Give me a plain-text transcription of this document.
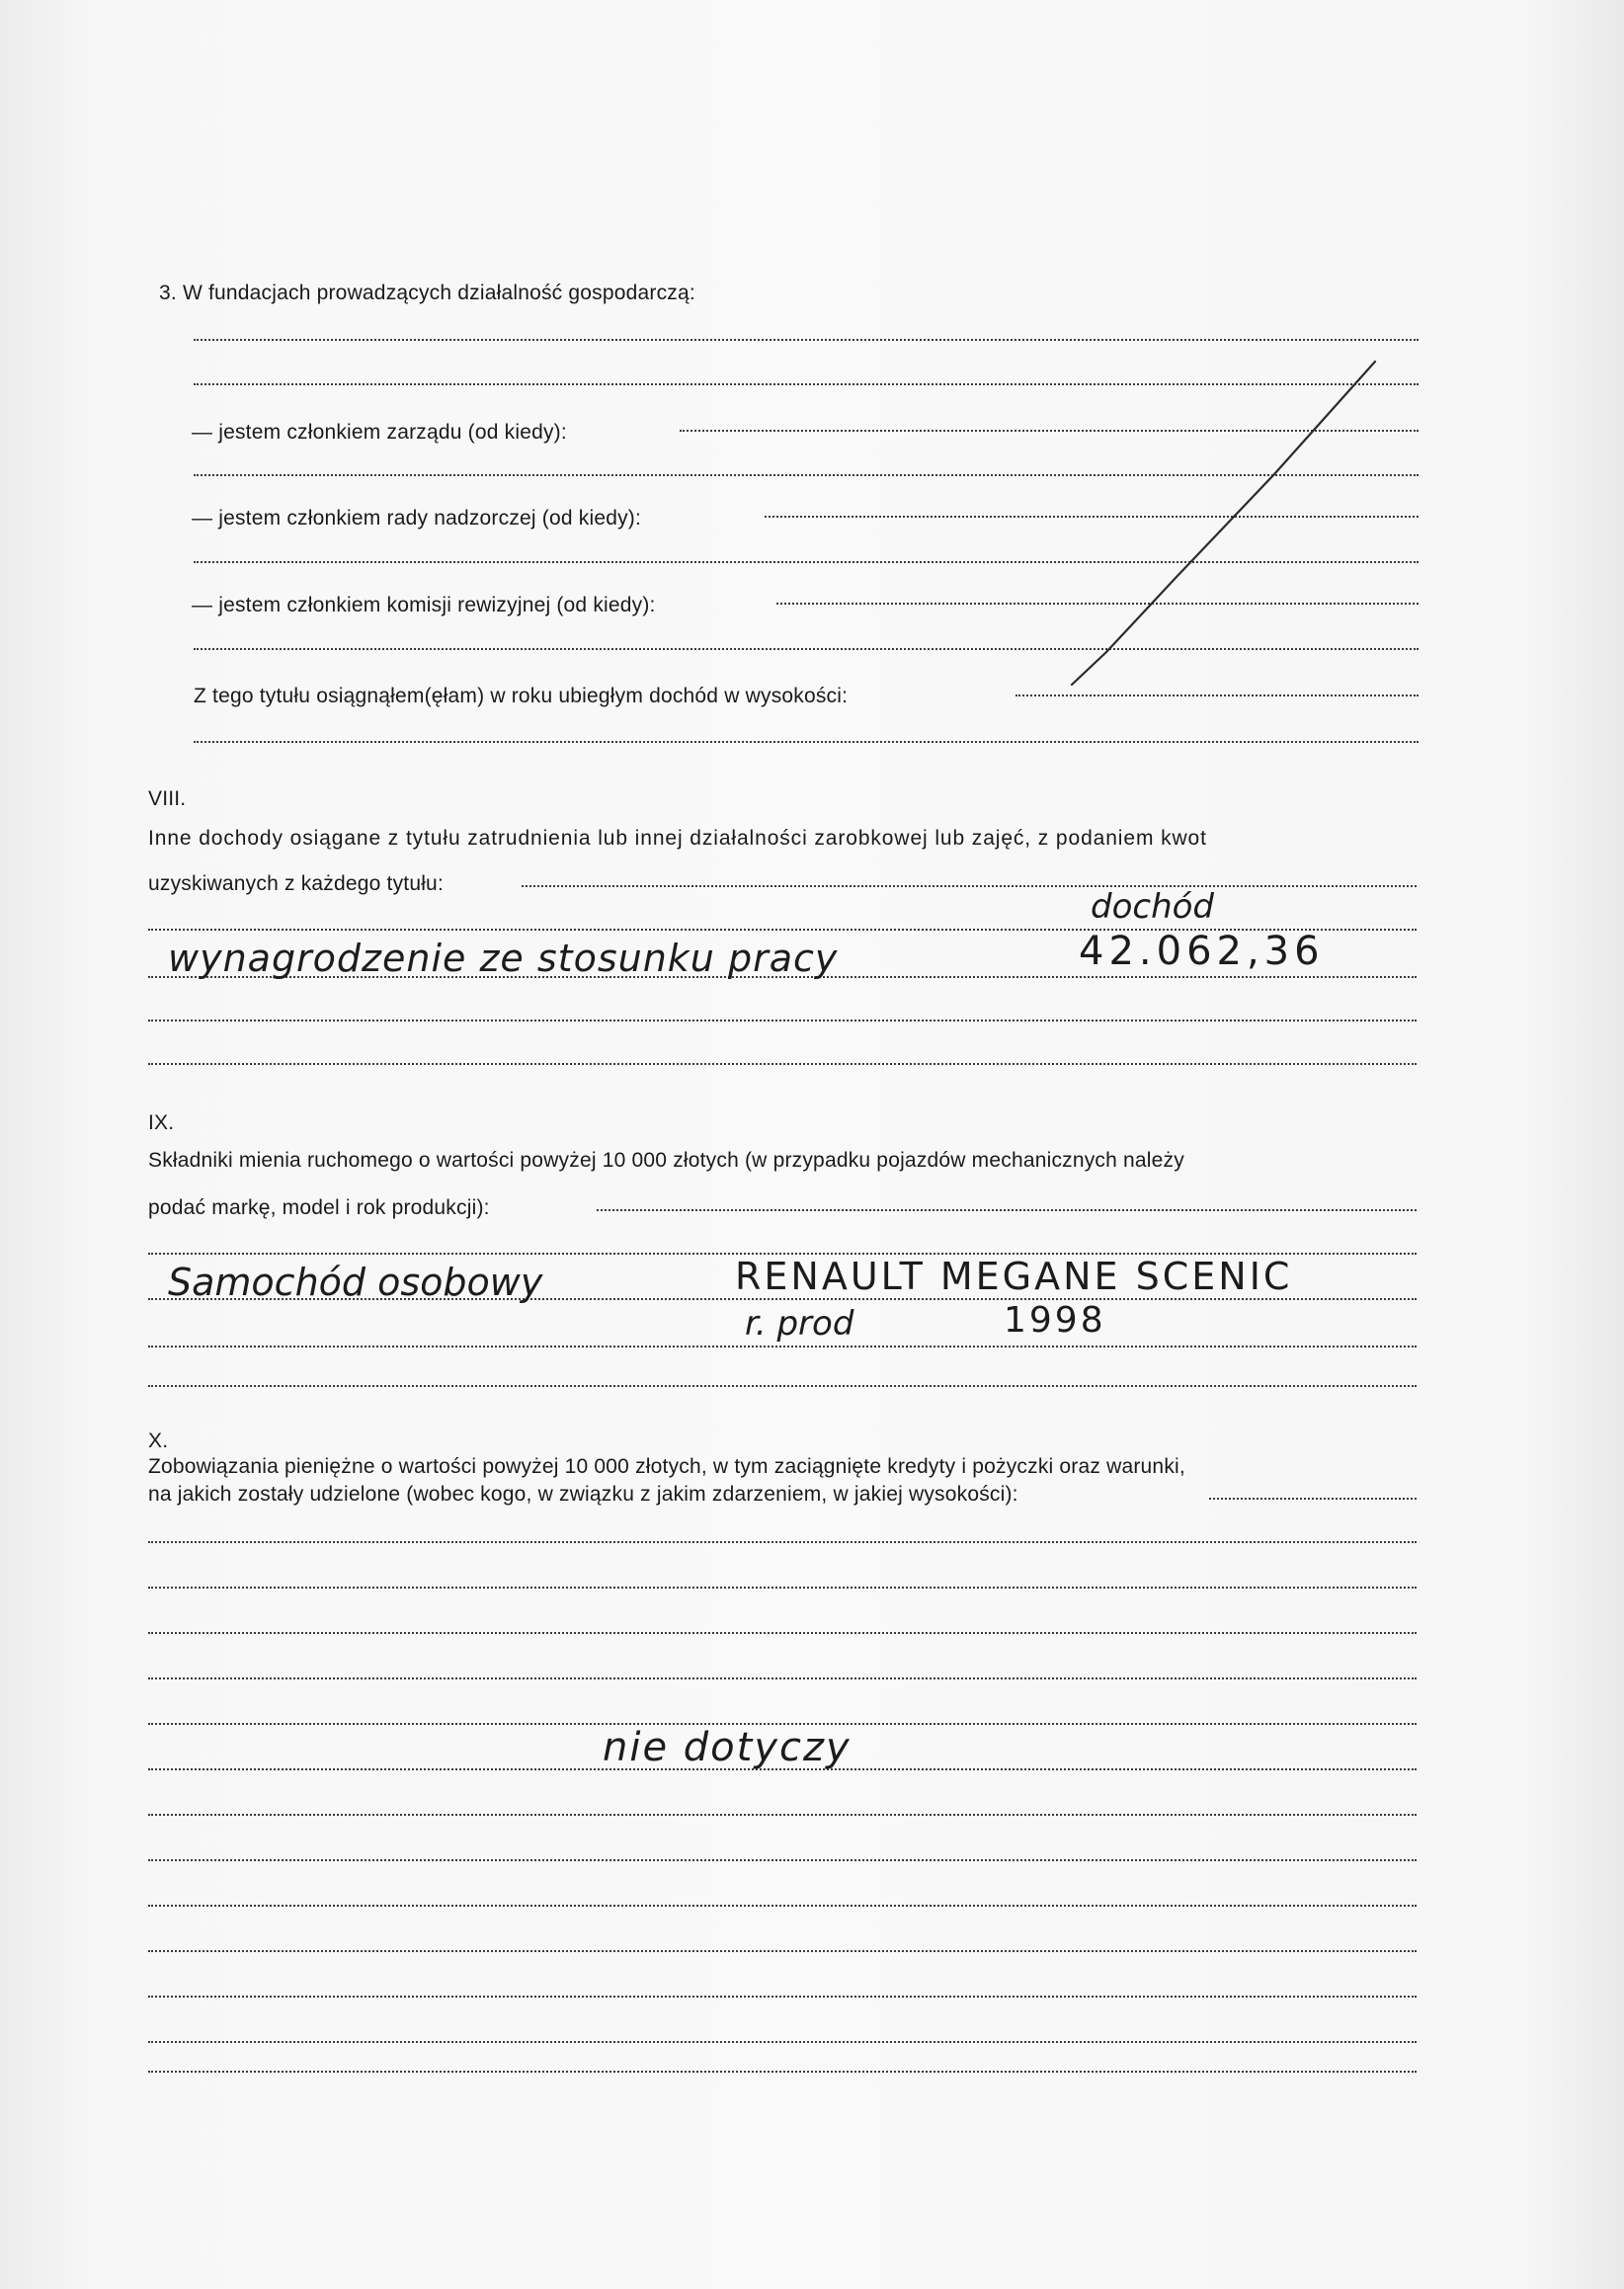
3. W fundacjach prowadzących działalność gospodarczą:
— jestem członkiem zarządu (od kiedy):
— jestem członkiem rady nadzorczej (od kiedy):
— jestem członkiem komisji rewizyjnej (od kiedy):
Z tego tytułu osiągnąłem(ęłam) w roku ubiegłym dochód w wysokości:
VIII.
Inne dochody osiągane z tytułu zatrudnienia lub innej działalności zarobkowej lub zajęć, z podaniem kwot
uzyskiwanych z każdego tytułu:
dochód
wynagrodzenie ze stosunku pracy	42.062,36
IX.
Składniki mienia ruchomego o wartości powyżej 10 000 złotych (w przypadku pojazdów mechanicznych należy
podać markę, model i rok produkcji):
Samochód osobowy	RENAULT MEGANE SCENIC
r. prod	1998
X.
Zobowiązania pieniężne o wartości powyżej 10 000 złotych, w tym zaciągnięte kredyty i pożyczki oraz warunki,
na jakich zostały udzielone (wobec kogo, w związku z jakim zdarzeniem, w jakiej wysokości):
nie dotyczy
